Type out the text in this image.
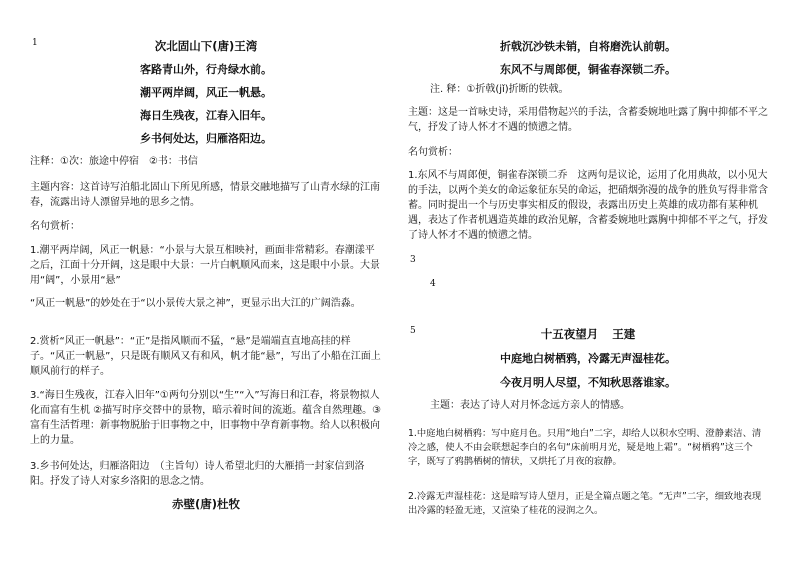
1	次北固山下(唐)王湾
客路青山外，行舟绿水前。
潮平两岸阔，风正一帆悬。
海日生残夜，江春入旧年。
乡书何处达，归雁洛阳边。

注释：①次：旅途中停宿　②书：书信

主题内容：这首诗写泊船北固山下所见所感，情景交融地描写了山青水绿的江南春，流露出诗人漂留异地的思乡之情。

名句赏析：

1.潮平两岸阔，风正一帆悬：“小景与大景互相映衬，画面非常精彩。春潮漾平之后，江面十分开阔，这是眼中大景：一片白帆顺风而来，这是眼中小景。大景用“阔”，小景用“悬”

“风正一帆悬”的妙处在于“以小景传大景之神”，更显示出大江的广阔浩淼。

2.赏析“风正一帆悬”：“正”是指风顺而不猛，“悬”是端端直直地高挂的样子。“风正一帆悬”，只是既有顺风又有和风，帆才能“悬”，写出了小船在江面上顺风前行的样子。

3.“海日生残夜，江春入旧年”①两句分别以“生”“入”写海日和江春，将景物拟人化而富有生机 ②描写时序交替中的景物，暗示着时间的流逝。蕴含自然理趣。③富有生活哲理：新事物脱胎于旧事物之中，旧事物中孕育新事物。给人以积极向上的力量。

3.乡书何处达，归雁洛阳边　（主旨句）诗人希望北归的大雁捎一封家信到洛阳。抒发了诗人对家乡洛阳的思念之情。

赤壁(唐)杜牧
折戟沉沙铁未销，自将磨洗认前朝。
东风不与周郎便，铜雀春深锁二乔。

注. 释：①折戟(jǐ)折断的铁戟。

主题：这是一首咏史诗，采用借物起兴的手法，含蓄委婉地吐露了胸中抑郁不平之气，抒发了诗人怀才不遇的愤懑之情。

名句赏析：

1.东风不与周郎便，铜雀春深锁二乔　这两句是议论，运用了化用典故，以小见大的手法，以两个美女的命运象征东吴的命运，把硝烟弥漫的战争的胜负写得非常含蓄。同时提出一个与历史事实相反的假设，表露出历史上英雄的成功都有某种机遇，表达了作者机遇造英雄的政治见解，含蓄委婉地吐露胸中抑郁不平之气，抒发了诗人怀才不遇的愤懑之情。

3
4
5	十五夜望月 王建
中庭地白树栖鸦，冷露无声湿桂花。
今夜月明人尽望，不知秋思落谁家。

主题：表达了诗人对月怀念远方亲人的情感。

1.中庭地白树栖鸦：写中庭月色。只用“地白”二字，却给人以积水空明、澄静素洁、清冷之感，使人不由会联想起李白的名句“床前明月光，疑是地上霜”。“树栖鸦”这三个字，既写了鸦鹊栖树的情状，又烘托了月夜的寂静。

2.冷露无声湿桂花：这是暗写诗人望月，正是全篇点题之笔。“无声”二字，细致地表现出冷露的轻盈无迹，又渲染了桂花的浸润之久。
